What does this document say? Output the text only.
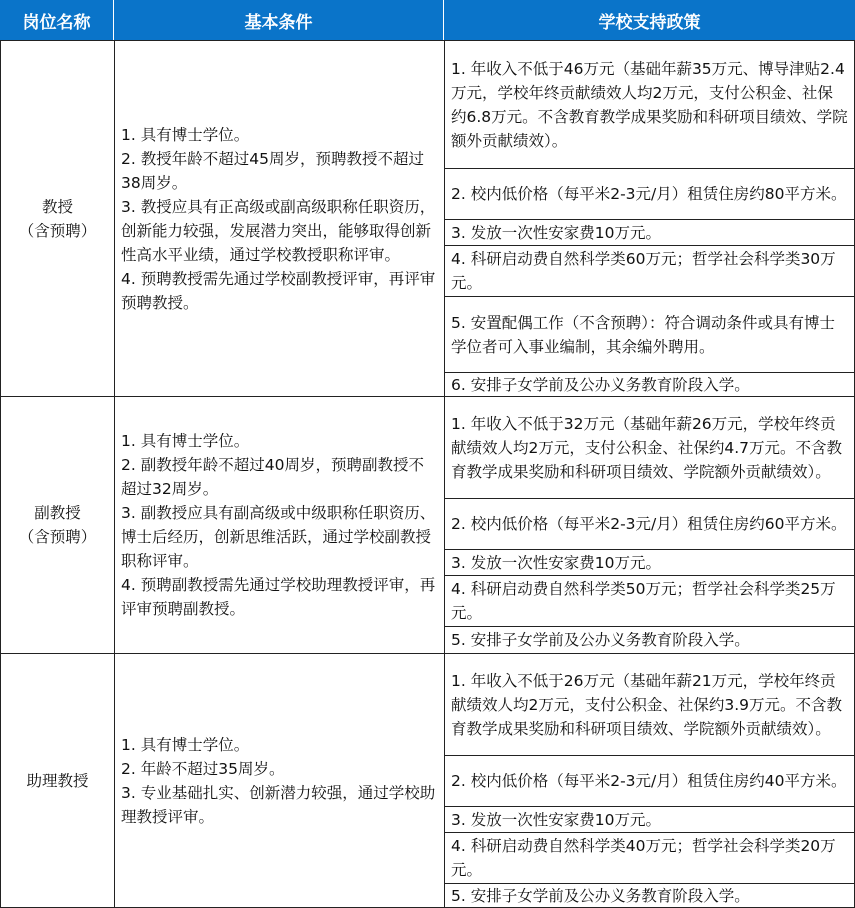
岗位名称	基本条件	学校支持政策
教授
（含预聘）
1. 具有博士学位。
2. 教授年龄不超过45周岁，预聘教授不超过38周岁。
3. 教授应具有正高级或副高级职称任职资历，创新能力较强，发展潜力突出，能够取得创新性高水平业绩，通过学校教授职称评审。
4. 预聘教授需先通过学校副教授评审，再评审预聘教授。
1. 年收入不低于46万元（基础年薪35万元、博导津贴2.4万元，学校年终贡献绩效人均2万元，支付公积金、社保约6.8万元。不含教育教学成果奖励和科研项目绩效、学院额外贡献绩效）。
2. 校内低价格（每平米2-3元/月）租赁住房约80平方米。
3. 发放一次性安家费10万元。
4. 科研启动费自然科学类60万元；哲学社会科学类30万元。
5. 安置配偶工作（不含预聘）：符合调动条件或具有博士学位者可入事业编制，其余编外聘用。
6. 安排子女学前及公办义务教育阶段入学。
副教授
（含预聘）
1. 具有博士学位。
2. 副教授年龄不超过40周岁，预聘副教授不超过32周岁。
3. 副教授应具有副高级或中级职称任职资历、博士后经历，创新思维活跃，通过学校副教授职称评审。
4. 预聘副教授需先通过学校助理教授评审，再评审预聘副教授。
1. 年收入不低于32万元（基础年薪26万元，学校年终贡献绩效人均2万元，支付公积金、社保约4.7万元。不含教育教学成果奖励和科研项目绩效、学院额外贡献绩效）。
2. 校内低价格（每平米2-3元/月）租赁住房约60平方米。
3. 发放一次性安家费10万元。
4. 科研启动费自然科学类50万元；哲学社会科学类25万元。
5. 安排子女学前及公办义务教育阶段入学。
助理教授
1. 具有博士学位。
2. 年龄不超过35周岁。
3. 专业基础扎实、创新潜力较强，通过学校助理教授评审。
1. 年收入不低于26万元（基础年薪21万元，学校年终贡献绩效人均2万元，支付公积金、社保约3.9万元。不含教育教学成果奖励和科研项目绩效、学院额外贡献绩效）。
2. 校内低价格（每平米2-3元/月）租赁住房约40平方米。
3. 发放一次性安家费10万元。
4. 科研启动费自然科学类40万元；哲学社会科学类20万元。
5. 安排子女学前及公办义务教育阶段入学。
